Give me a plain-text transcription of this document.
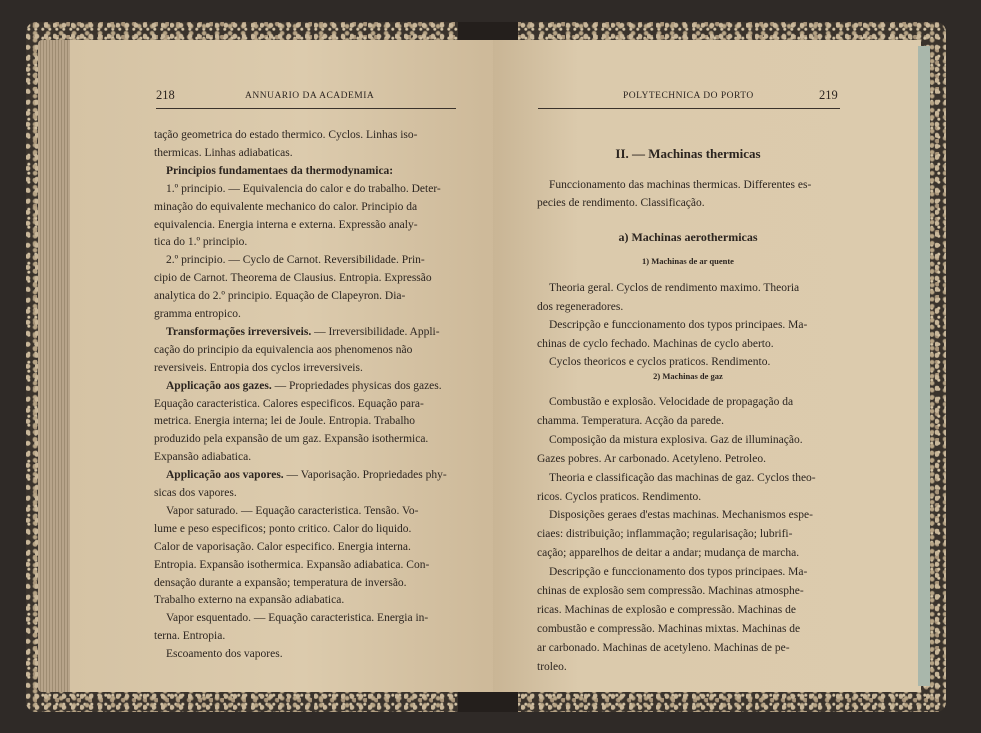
218	ANNUARIO DA ACADEMIA
tação geometrica do estado thermico. Cyclos. Linhas iso-
thermicas. Linhas adiabaticas.
Principios fundamentaes da thermodynamica:
1.º principio. — Equivalencia do calor e do trabalho. Deter-
minação do equivalente mechanico do calor. Principio da
equivalencia. Energia interna e externa. Expressão analy-
tica do 1.º principio.
2.º principio. — Cyclo de Carnot. Reversibilidade. Prin-
cipio de Carnot. Theorema de Clausius. Entropia. Expressão
analytica do 2.º principio. Equação de Clapeyron. Dia-
gramma entropico.
Transformações irreversiveis. — Irreversibilidade. Appli-
cação do principio da equivalencia aos phenomenos não
reversiveis. Entropia dos cyclos irreversiveis.
Applicação aos gazes. — Propriedades physicas dos gazes.
Equação caracteristica. Calores especificos. Equação para-
metrica. Energia interna; lei de Joule. Entropia. Trabalho
produzido pela expansão de um gaz. Expansão isothermica.
Expansão adiabatica.
Applicação aos vapores. — Vaporisação. Propriedades phy-
sicas dos vapores.
Vapor saturado. — Equação caracteristica. Tensão. Vo-
lume e peso especificos; ponto critico. Calor do liquido.
Calor de vaporisação. Calor especifico. Energia interna.
Entropia. Expansão isothermica. Expansão adiabatica. Con-
densação durante a expansão; temperatura de inversão.
Trabalho externo na expansão adiabatica.
Vapor esquentado. — Equação caracteristica. Energia in-
terna. Entropia.
Escoamento dos vapores.
POLYTECHNICA DO PORTO	219
II. — Machinas thermicas
Funccionamento das machinas thermicas. Differentes es-
pecies de rendimento. Classificação.
a) Machinas aerothermicas
1) Machinas de ar quente
Theoria geral. Cyclos de rendimento maximo. Theoria
dos regeneradores.
Descripção e funccionamento dos typos principaes. Ma-
chinas de cyclo fechado. Machinas de cyclo aberto.
Cyclos theoricos e cyclos praticos. Rendimento.
2) Machinas de gaz
Combustão e explosão. Velocidade de propagação da
chamma. Temperatura. Acção da parede.
Composição da mistura explosiva. Gaz de illuminação.
Gazes pobres. Ar carbonado. Acetyleno. Petroleo.
Theoria e classificação das machinas de gaz. Cyclos theo-
ricos. Cyclos praticos. Rendimento.
Disposições geraes d'estas machinas. Mechanismos espe-
ciaes: distribuição; inflammação; regularisação; lubrifi-
cação; apparelhos de deitar a andar; mudança de marcha.
Descripção e funccionamento dos typos principaes. Ma-
chinas de explosão sem compressão. Machinas atmosphe-
ricas. Machinas de explosão e compressão. Machinas de
combustão e compressão. Machinas mixtas. Machinas de
ar carbonado. Machinas de acetyleno. Machinas de pe-
troleo.
